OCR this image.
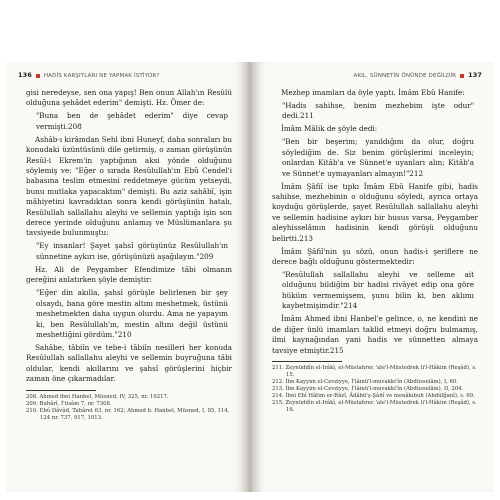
136 HADİS KARŞITLARI NE YAPMAK İSTİYOR?

gisi neredeyse, sen ona yapış! Ben onun Allah'ın Resûlü olduğuna şehâdet ederim" demişti. Hz. Ömer de:

"Buna ben de şehâdet ederim" diye cevap vermişti.208

Ashâb-ı kirâmdan Sehl ibni Huneyf, daha sonraları bu konudaki üzüntüsünü dile getirmiş, o zaman görüşünün Resûl-i Ekrem'in yaptığının aksi yönde olduğunu söylemiş ve: "Eğer o sırada Resûlullah'ın Ebû Cendel'i babasına teslim etmesini reddetmeye gücüm yetseydi, bunu mutlaka yapacaktım" demişti. Bu aziz sahâbî, işin mâhiyetini kavradıktan sonra kendi görüşünün hatalı, Resûlullah sallallahu aleyhi ve sellemin yaptığı işin son derece yerinde olduğunu anlamış ve Müslümanlara şu tavsiyede bulunmuştu:

"Ey insanlar! Şayet şahsî görüşünüz Resûlullah'ın sünnetine aykırı ise, görüşünüzü aşağılayın."209

Hz. Ali de Peygamber Efendimize tâbi olmanın gereğini anlatırken şöyle demiştir:

"Eğer din akılla, şahsî görüşle belirlenen bir şey olsaydı, bana göre mestin altını meshetmek, üstünü meshetmekten daha uygun olurdu. Ama ne yapayım ki, ben Resûlullah'ın, mestin altını değil üstünü meshettiğini gördüm."210

Sahâbe, tâbiîn ve tebe-i tâbiîn nesilleri her konuda Resûlullah sallallahu aleyhi ve sellemin buyruğuna tâbi oldular, kendi akıllarını ve şahsî görüşlerini hiçbir zaman öne çıkarmadılar.

208. Ahmed ibni Hanbel, Müsned, IV, 325, nr. 19217.

209. Buhârî, İ'tisâm 7, nr. 7308.

210. Ebû Dâvûd, Tahâret 63, nr. 162; Ahmed b. Hanbel, Müsned, I, 95, 114, 124 nr. 737, 917, 1013.

AKIL, SÜNNETİN ÖNÜNDE DEĞİLDİR 137

Mezhep imamları da öyle yaptı. İmâm Ebû Hanife:

"Hadis sahihse, benim mezhebim işte odur" dedi.211

İmâm Mâlik de şöyle dedi:

"Ben bir beşerim; yanıldığım da olur, doğru söylediğim de. Siz benim görüşlerimi inceleyin; onlardan Kitâb'a ve Sünnet'e uyanları alın; Kitâb'a ve Sünnet'e uymayanları almayın!"212

İmâm Şâfiî ise tıpkı İmâm Ebû Hanife gibi, hadis sahihse, mezhebinin o olduğunu söyledi, ayrıca ortaya koyduğu görüşlerde, şayet Resûlullah sallallahu aleyhi ve sellemin hadisine aykırı bir husus varsa, Peygamber aleyhisselâmın hadisinin kendi görüşü olduğunu belirtti.213

İmâm Şâfiî'nin şu sözü, onun hadis-i şeriflere ne derece bağlı olduğunu göstermektedir:

"Resûlullah sallallahu aleyhi ve selleme ait olduğunu bildiğim bir hadisi rivâyet edip ona göre hüküm vermemişsem, şunu bilin ki, ben aklımı kaybetmişimdir."214

İmâm Ahmed ibni Hanbel'e gelince, o, ne kendini ne de diğer ünlü imamları taklid etmeyi doğru bulmamış, ilmi kaynağından yani hadis ve sünnetten almaya tavsiye etmiştir.215

211. Zeynüddîn el-Irâkî, el-Müstahrec 'ale'l-Müstedrek li'l-Hâkim (Reşâd), s. 15.

212. İbn Kayyim el-Cevziyye, İ'lâmü'l-muvakki'în (Abdüsselâm), I, 60.

213. İbn Kayyim el-Cevziyye, İ'lâmü'l-muvakki'în (Abdüsselâm), II, 204.

214. İbni Ebî Hâtim er-Râzî, Âdâbü'ş-Şâfiî ve menâkıbuh (Abdülğanî), s. 69.

215. Zeynüddîn el-Irâkî, el-Müstahrec 'ale'l-Müstedrek li'l-Hâkim (Reşâd), s. 16.
